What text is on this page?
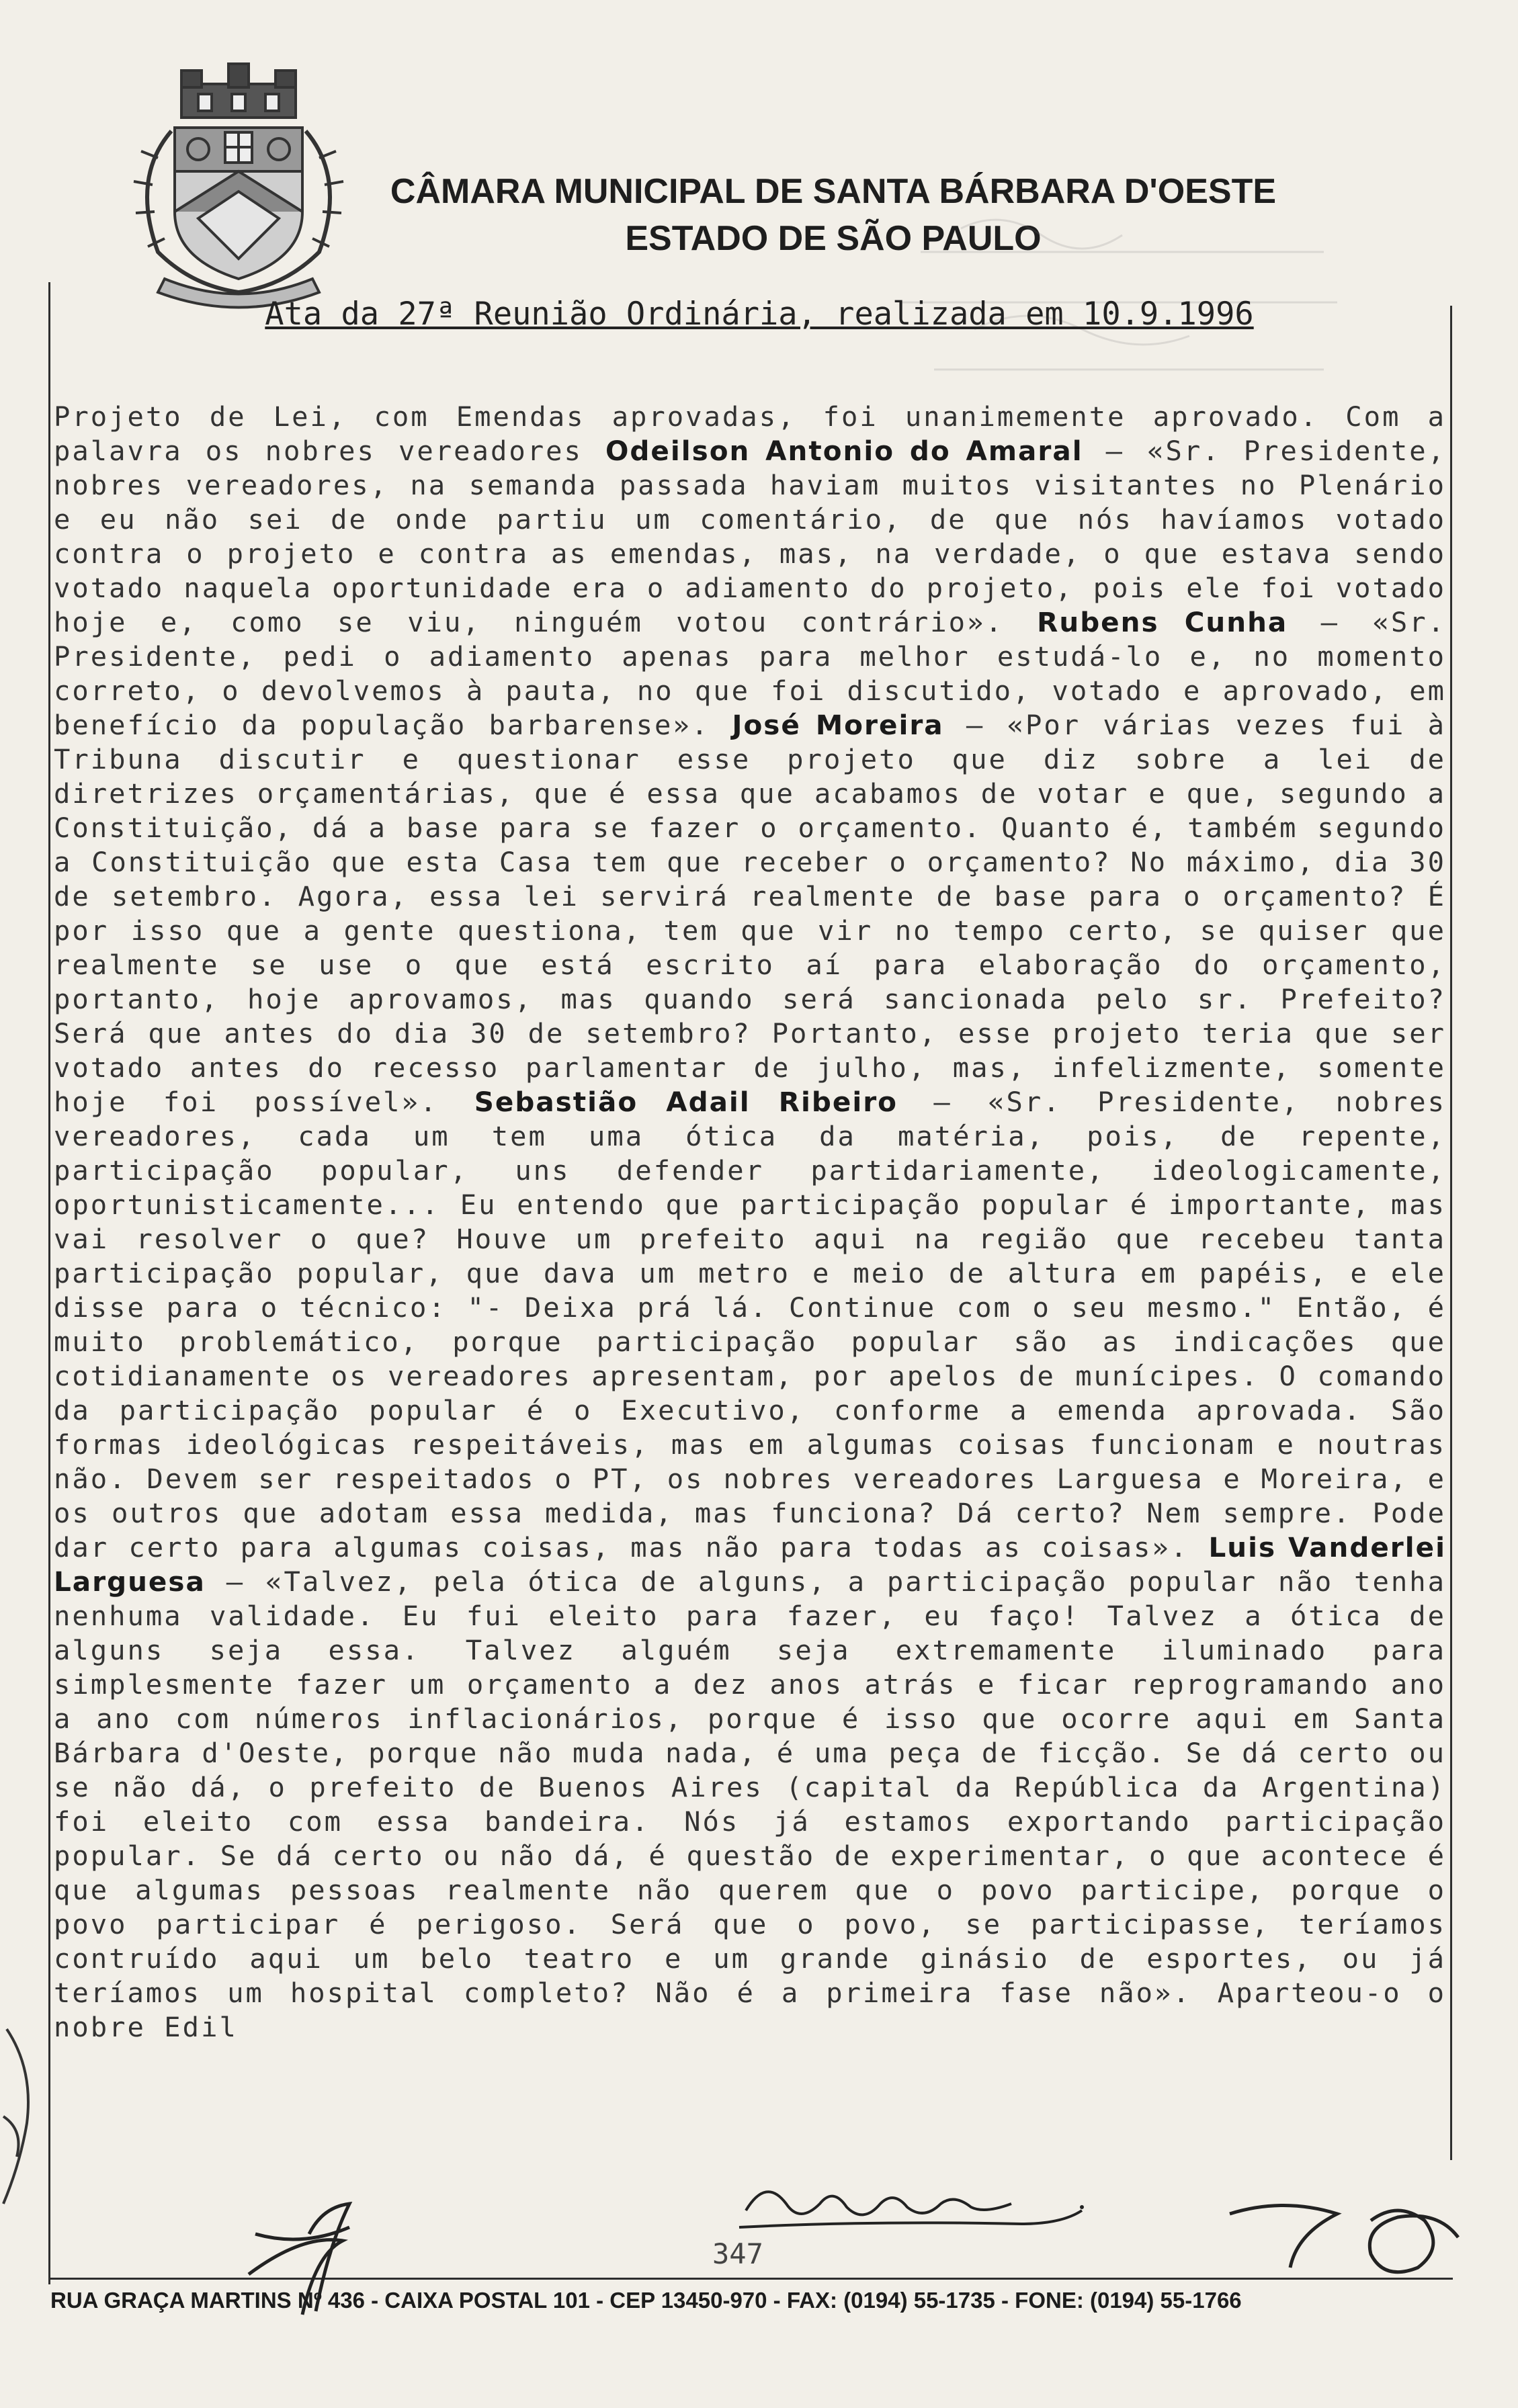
CÂMARA MUNICIPAL DE SANTA BÁRBARA D'OESTE
ESTADO DE SÃO PAULO
Ata da 27ª Reunião Ordinária, realizada em 10.9.1996
Projeto de Lei, com Emendas aprovadas, foi unanimemente aprovado. Com a palavra os nobres vereadores Odeilson Antonio do Amaral – «Sr. Presidente, nobres vereadores, na semanda passada haviam muitos visitantes no Plenário e eu não sei de onde partiu um comentário, de que nós havíamos votado contra o projeto e contra as emendas, mas, na verdade, o que estava sendo votado naquela oportunidade era o adiamento do projeto, pois ele foi votado hoje e, como se viu, ninguém votou contrário». Rubens Cunha – «Sr. Presidente, pedi o adiamento apenas para melhor estudá-lo e, no momento correto, o devolvemos à pauta, no que foi discutido, votado e aprovado, em benefício da população barbarense». José Moreira – «Por várias vezes fui à Tribuna discutir e questionar esse projeto que diz sobre a lei de diretrizes orçamentárias, que é essa que acabamos de votar e que, segundo a Constituição, dá a base para se fazer o orçamento. Quanto é, também segundo a Constituição que esta Casa tem que receber o orçamento? No máximo, dia 30 de setembro. Agora, essa lei servirá realmente de base para o orçamento? É por isso que a gente questiona, tem que vir no tempo certo, se quiser que realmente se use o que está escrito aí para elaboração do orçamento, portanto, hoje aprovamos, mas quando será sancionada pelo sr. Prefeito? Será que antes do dia 30 de setembro? Portanto, esse projeto teria que ser votado antes do recesso parlamentar de julho, mas, infelizmente, somente hoje foi possível». Sebastião Adail Ribeiro – «Sr. Presidente, nobres vereadores, cada um tem uma ótica da matéria, pois, de repente, participação popular, uns defender partidariamente, ideologicamente, oportunisticamente... Eu entendo que participação popular é importante, mas vai resolver o que? Houve um prefeito aqui na região que recebeu tanta participação popular, que dava um metro e meio de altura em papéis, e ele disse para o técnico: "- Deixa prá lá. Continue com o seu mesmo." Então, é muito problemático, porque participação popular são as indicações que cotidianamente os vereadores apresentam, por apelos de munícipes. O comando da participação popular é o Executivo, conforme a emenda aprovada. São formas ideológicas respeitáveis, mas em algumas coisas funcionam e noutras não. Devem ser respeitados o PT, os nobres vereadores Larguesa e Moreira, e os outros que adotam essa medida, mas funciona? Dá certo? Nem sempre. Pode dar certo para algumas coisas, mas não para todas as coisas». Luis Vanderlei Larguesa – «Talvez, pela ótica de alguns, a participação popular não tenha nenhuma validade. Eu fui eleito para fazer, eu faço! Talvez a ótica de alguns seja essa. Talvez alguém seja extremamente iluminado para simplesmente fazer um orçamento a dez anos atrás e ficar reprogramando ano a ano com números inflacionários, porque é isso que ocorre aqui em Santa Bárbara d'Oeste, porque não muda nada, é uma peça de ficção. Se dá certo ou se não dá, o prefeito de Buenos Aires (capital da República da Argentina) foi eleito com essa bandeira. Nós já estamos exportando participação popular. Se dá certo ou não dá, é questão de experimentar, o que acontece é que algumas pessoas realmente não querem que o povo participe, porque o povo participar é perigoso. Será que o povo, se participasse, teríamos contruído aqui um belo teatro e um grande ginásio de esportes, ou já teríamos um hospital completo? Não é a primeira fase não». Aparteou-o o nobre Edil
347
RUA GRAÇA MARTINS Nº 436 - CAIXA POSTAL 101 - CEP 13450-970 - FAX: (0194) 55-1735 - FONE: (0194) 55-1766
